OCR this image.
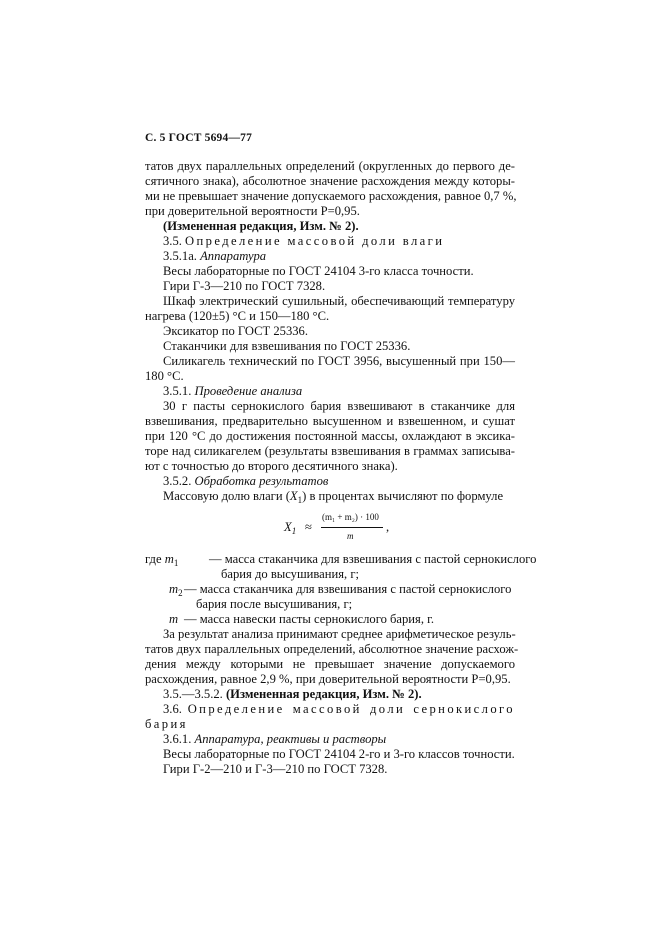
С. 5 ГОСТ 5694—77
татов двух параллельных определений (округленных до первого де-
сятичного знака), абсолютное значение расхождения между которы-
ми не превышает значение допускаемого расхождения, равное 0,7 %,
при доверительной вероятности Р=0,95.
(Измененная редакция, Изм. № 2).
3.5. Определение массовой доли влаги
3.5.1a. Аппаратура
Весы лабораторные по ГОСТ 24104 3-го класса точности.
Гири Г-3—210 по ГОСТ 7328.
Шкаф электрический сушильный, обеспечивающий температуру
нагрева (120±5) °С и 150—180 °С.
Эксикатор по ГОСТ 25336.
Стаканчики для взвешивания по ГОСТ 25336.
Силикагель технический по ГОСТ 3956, высушенный при 150—
180 °С.
3.5.1. Проведение анализа
30 г пасты сернокислого бария взвешивают в стаканчике для
взвешивания, предварительно высушенном и взвешенном, и сушат
при 120 °С до достижения постоянной массы, охлаждают в эксика-
торе над силикагелем (результаты взвешивания в граммах записыва-
ют с точностью до второго десятичного знака).
3.5.2. Обработка результатов
Массовую долю влаги $(X_1)$ в процентах вычисляют по формуле
$X_1$ ≈
(m₁ + m₂) · 100
m
,
где $m_1$ — масса стаканчика для взвешивания с пастой сернокислого
бария до высушивания, г;
$m_2$ — масса стаканчика для взвешивания с пастой сернокислого
бария после высушивания, г;
m — масса навески пасты сернокислого бария, г.
За результат анализа принимают среднее арифметическое резуль-
татов двух параллельных определений, абсолютное значение расхож-
дения между которыми не превышает значение допускаемого
расхождения, равное 2,9 %, при доверительной вероятности Р=0,95.
3.5.—3.5.2. (Измененная редакция, Изм. № 2).
3.6. Определение массовой доли сернокислого
бария
3.6.1. Аппаратура, реактивы и растворы
Весы лабораторные по ГОСТ 24104 2-го и 3-го классов точности.
Гири Г-2—210 и Г-3—210 по ГОСТ 7328.
